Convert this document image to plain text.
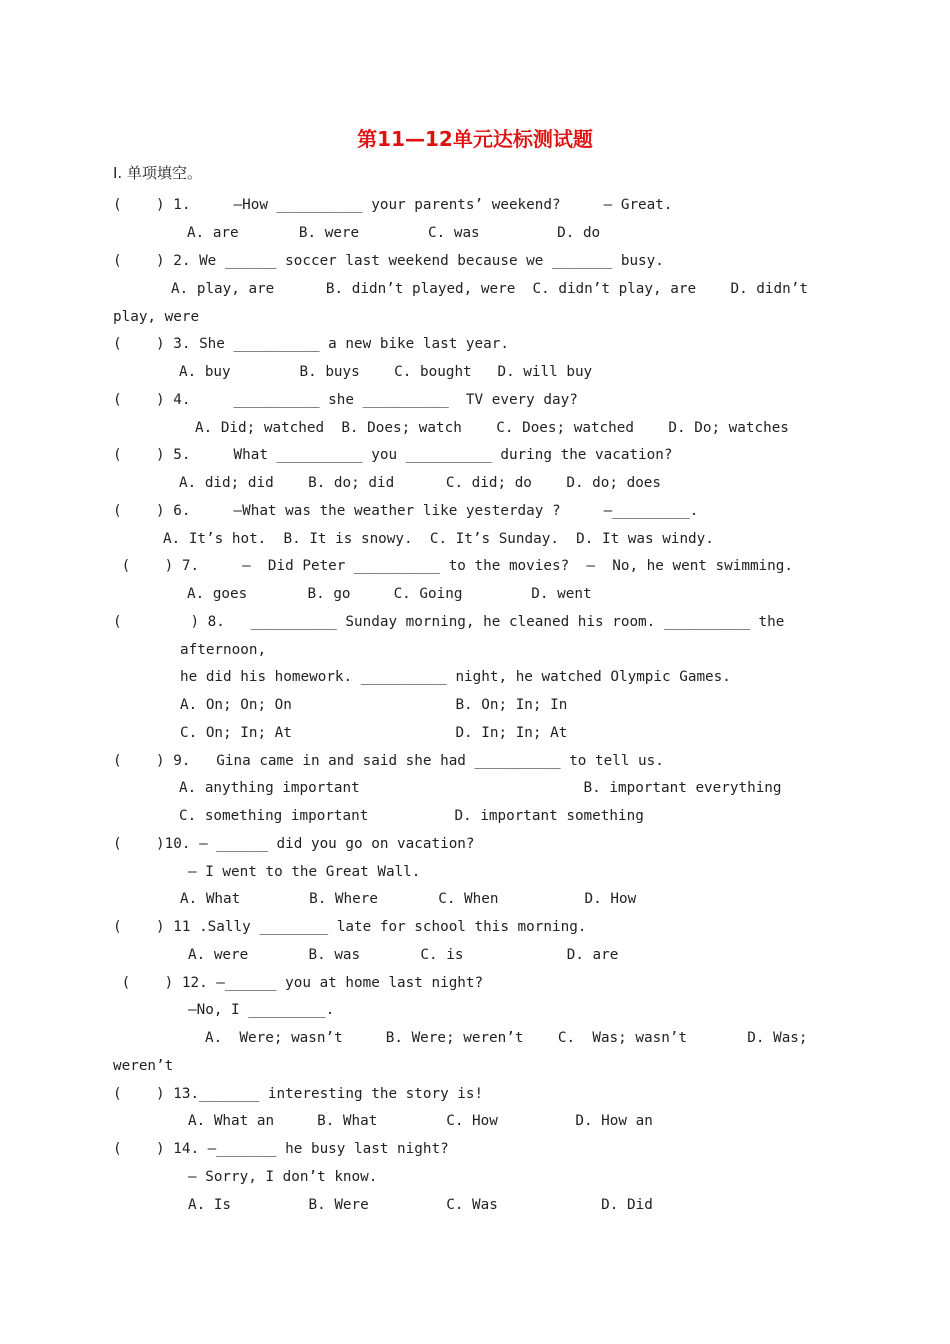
第11—12单元达标测试题
I. 单项填空。
(    ) 1.     —How __________ your parents’ weekend?     — Great.
A. are       B. were        C. was         D. do
(    ) 2. We ______ soccer last weekend because we _______ busy.
A. play, are      B. didn’t played, were  C. didn’t play, are    D. didn’t
play, were
(    ) 3. She __________ a new bike last year.
A. buy        B. buys    C. bought   D. will buy
(    ) 4.     __________ she __________  TV every day?
A. Did; watched  B. Does; watch    C. Does; watched    D. Do; watches
(    ) 5.     What __________ you __________ during the vacation?
A. did; did    B. do; did      C. did; do    D. do; does
(    ) 6.     —What was the weather like yesterday ?     —_________.
A. It’s hot.  B. It is snowy.  C. It’s Sunday.  D. It was windy.
(    ) 7.     —  Did Peter __________ to the movies?  —  No, he went swimming.
A. goes       B. go     C. Going        D. went
(        ) 8.   __________ Sunday morning, he cleaned his room. __________ the
afternoon,
he did his homework. __________ night, he watched Olympic Games.
A. On; On; On                   B. On; In; In
C. On; In; At                   D. In; In; At
(    ) 9.   Gina came in and said she had __________ to tell us.
A. anything important                          B. important everything
C. something important          D. important something
(    )10. — ______ did you go on vacation?
— I went to the Great Wall.
A. What        B. Where       C. When          D. How
(    ) 11 .Sally ________ late for school this morning.
A. were       B. was       C. is            D. are
(    ) 12. —______ you at home last night?
—No, I _________.
A.  Were; wasn’t     B. Were; weren’t    C.  Was; wasn’t       D. Was;
weren’t
(    ) 13._______ interesting the story is!
A. What an     B. What        C. How         D. How an
(    ) 14. —_______ he busy last night?
— Sorry, I don’t know.
A. Is         B. Were         C. Was            D. Did
